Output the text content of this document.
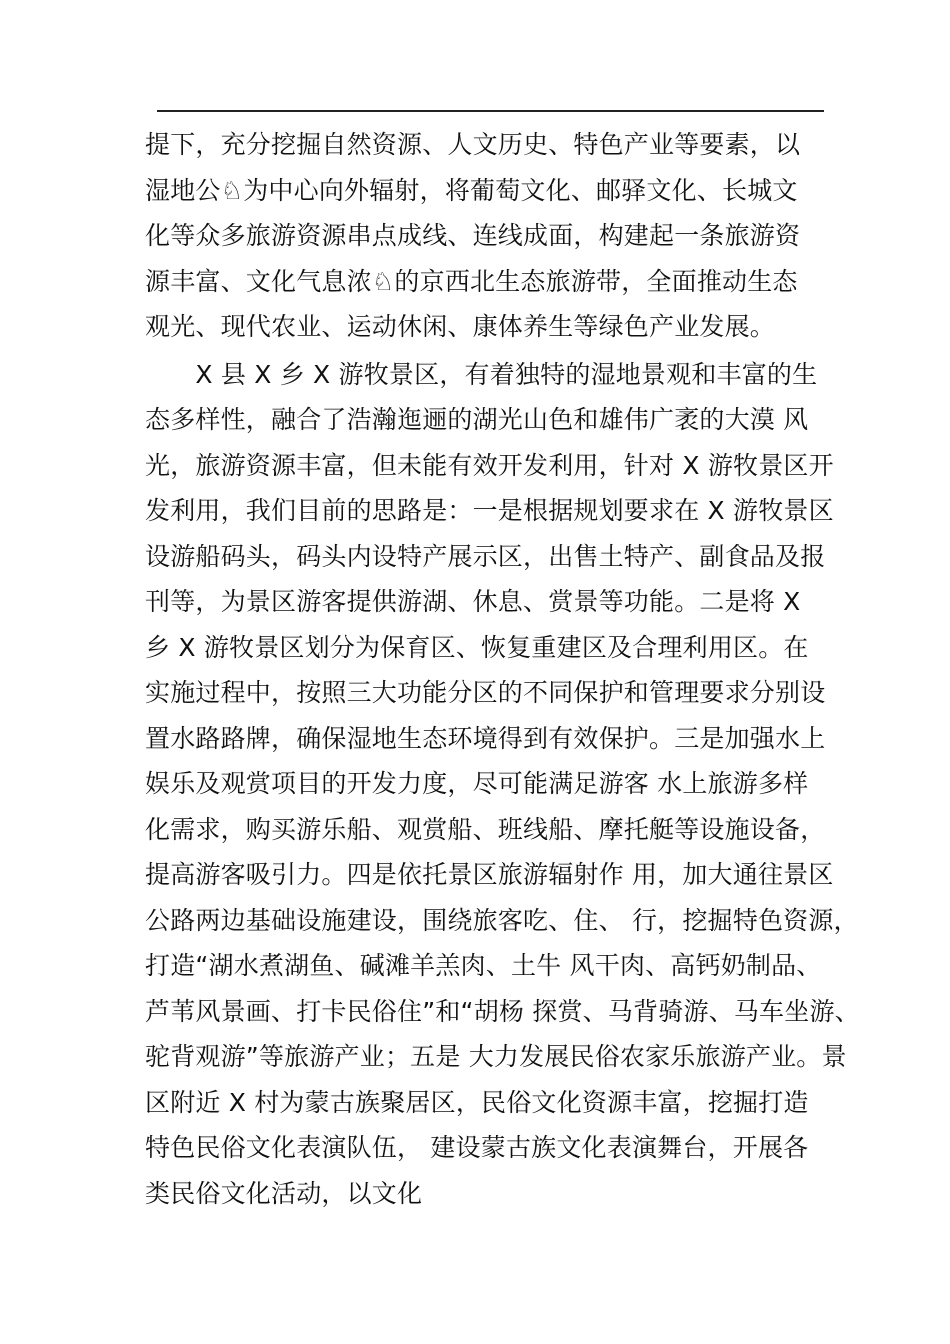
提下，充分挖掘自然资源、人文历史、特色产业等要素，以
湿地公♘为中心向外辐射，将葡萄文化、邮驿文化、长城文
化等众多旅游资源串点成线、连线成面，构建起一条旅游资
源丰富、文化气息浓♘的京西北生态旅游带，全面推动生态
观光、现代农业、运动休闲、康体养生等绿色产业发展。
　　X 县 X 乡 X 游牧景区，有着独特的湿地景观和丰富的生
态多样性，融合了浩瀚迤逦的湖光山色和雄伟广袤的大漠 风
光，旅游资源丰富，但未能有效开发利用，针对 X 游牧景区开
发利用，我们目前的思路是：一是根据规划要求在 X 游牧景区
设游船码头，码头内设特产展示区，出售土特产、副食品及报
刊等，为景区游客提供游湖、休息、赏景等功能。二是将 X
乡 X 游牧景区划分为保育区、恢复重建区及合理利用区。在
实施过程中，按照三大功能分区的不同保护和管理要求分别设
置水路路牌，确保湿地生态环境得到有效保护。三是加强水上
娱乐及观赏项目的开发力度，尽可能满足游客 水上旅游多样
化需求，购买游乐船、观赏船、班线船、摩托艇等设施设备，
提高游客吸引力。四是依托景区旅游辐射作 用，加大通往景区
公路两边基础设施建设，围绕旅客吃、住、 行，挖掘特色资源，
打造“湖水煮湖鱼、碱滩羊羔肉、土牛 风干肉、高钙奶制品、
芦苇风景画、打卡民俗住”和“胡杨 探赏、马背骑游、马车坐游、
驼背观游”等旅游产业；五是 大力发展民俗农家乐旅游产业。景
区附近 X 村为蒙古族聚居区，民俗文化资源丰富，挖掘打造
特色民俗文化表演队伍， 建设蒙古族文化表演舞台，开展各
类民俗文化活动，以文化
